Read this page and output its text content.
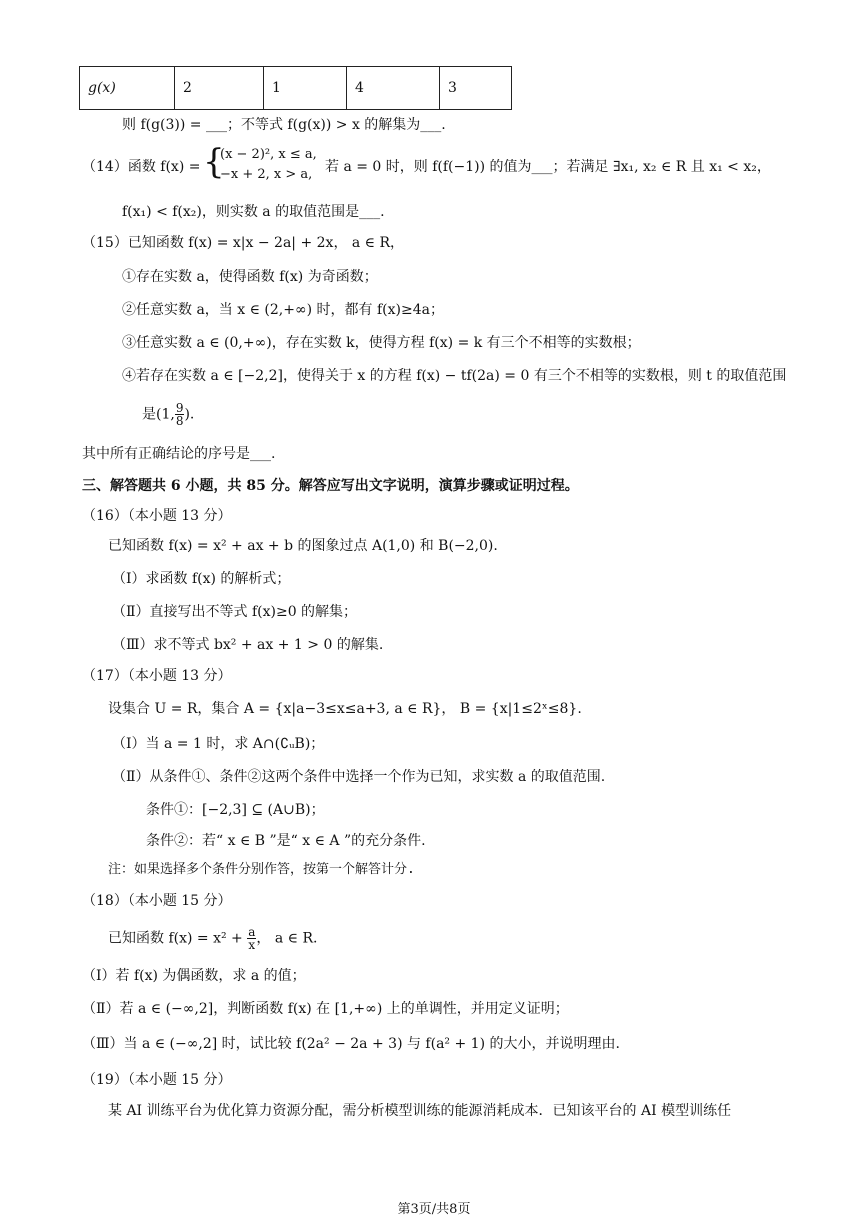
g(x)	2	1	4	3
则 f(g(3)) = ___；不等式 f(g(x)) > x 的解集为___.
（14）函数 f(x) = {
(x − 2)², x ≤ a,
−x + 2, x > a, 若 a = 0 时，则 f(f(−1)) 的值为___；若满足 ∃x₁, x₂ ∈ R 且 x₁ < x₂，
f(x₁) < f(x₂)，则实数 a 的取值范围是___.
（15）已知函数 f(x) = x|x − 2a| + 2x， a ∈ R，
①存在实数 a，使得函数 f(x) 为奇函数；
②任意实数 a，当 x ∈ (2,+∞) 时，都有 f(x)≥4a；
③任意实数 a ∈ (0,+∞)，存在实数 k，使得方程 f(x) = k 有三个不相等的实数根；
④若存在实数 a ∈ [−2,2]，使得关于 x 的方程 f(x) − tf(2a) = 0 有三个不相等的实数根，则 t 的取值范围
是(1, $\frac{9}{8}$ ).
其中所有正确结论的序号是___.
三、解答题共 6 小题，共 85 分。解答应写出文字说明，演算步骤或证明过程。
（16）（本小题 13 分）
已知函数 f(x) = x² + ax + b 的图象过点 A(1,0) 和 B(−2,0).
（Ⅰ）求函数 f(x) 的解析式；
（Ⅱ）直接写出不等式 f(x)≥0 的解集；
（Ⅲ）求不等式 bx² + ax + 1 > 0 的解集.
（17）（本小题 13 分）
设集合 U = R，集合 A = {x|a−3≤x≤a+3, a ∈ R}， B = {x|1≤2ˣ≤8}.
（Ⅰ）当 a = 1 时，求 A∩(∁ᵤB)；
（Ⅱ）从条件①、条件②这两个条件中选择一个作为已知，求实数 a 的取值范围.
条件①：[−2,3] ⊆ (A∪B)；
条件②：若“ x ∈ B ”是“ x ∈ A ”的充分条件.
注：如果选择多个条件分别作答，按第一个解答计分.
（18）（本小题 15 分）
已知函数 $f(x) = x^2 + \frac{a}{x}$ ， a ∈ R.
（Ⅰ）若 f(x) 为偶函数，求 a 的值；
（Ⅱ）若 a ∈ (−∞,2]，判断函数 f(x) 在 [1,+∞) 上的单调性，并用定义证明；
（Ⅲ）当 a ∈ (−∞,2] 时，试比较 f(2a² − 2a + 3) 与 f(a² + 1) 的大小，并说明理由.
（19）（本小题 15 分）
某 AI 训练平台为优化算力资源分配，需分析模型训练的能源消耗成本．已知该平台的 AI 模型训练任
第3页/共8页
